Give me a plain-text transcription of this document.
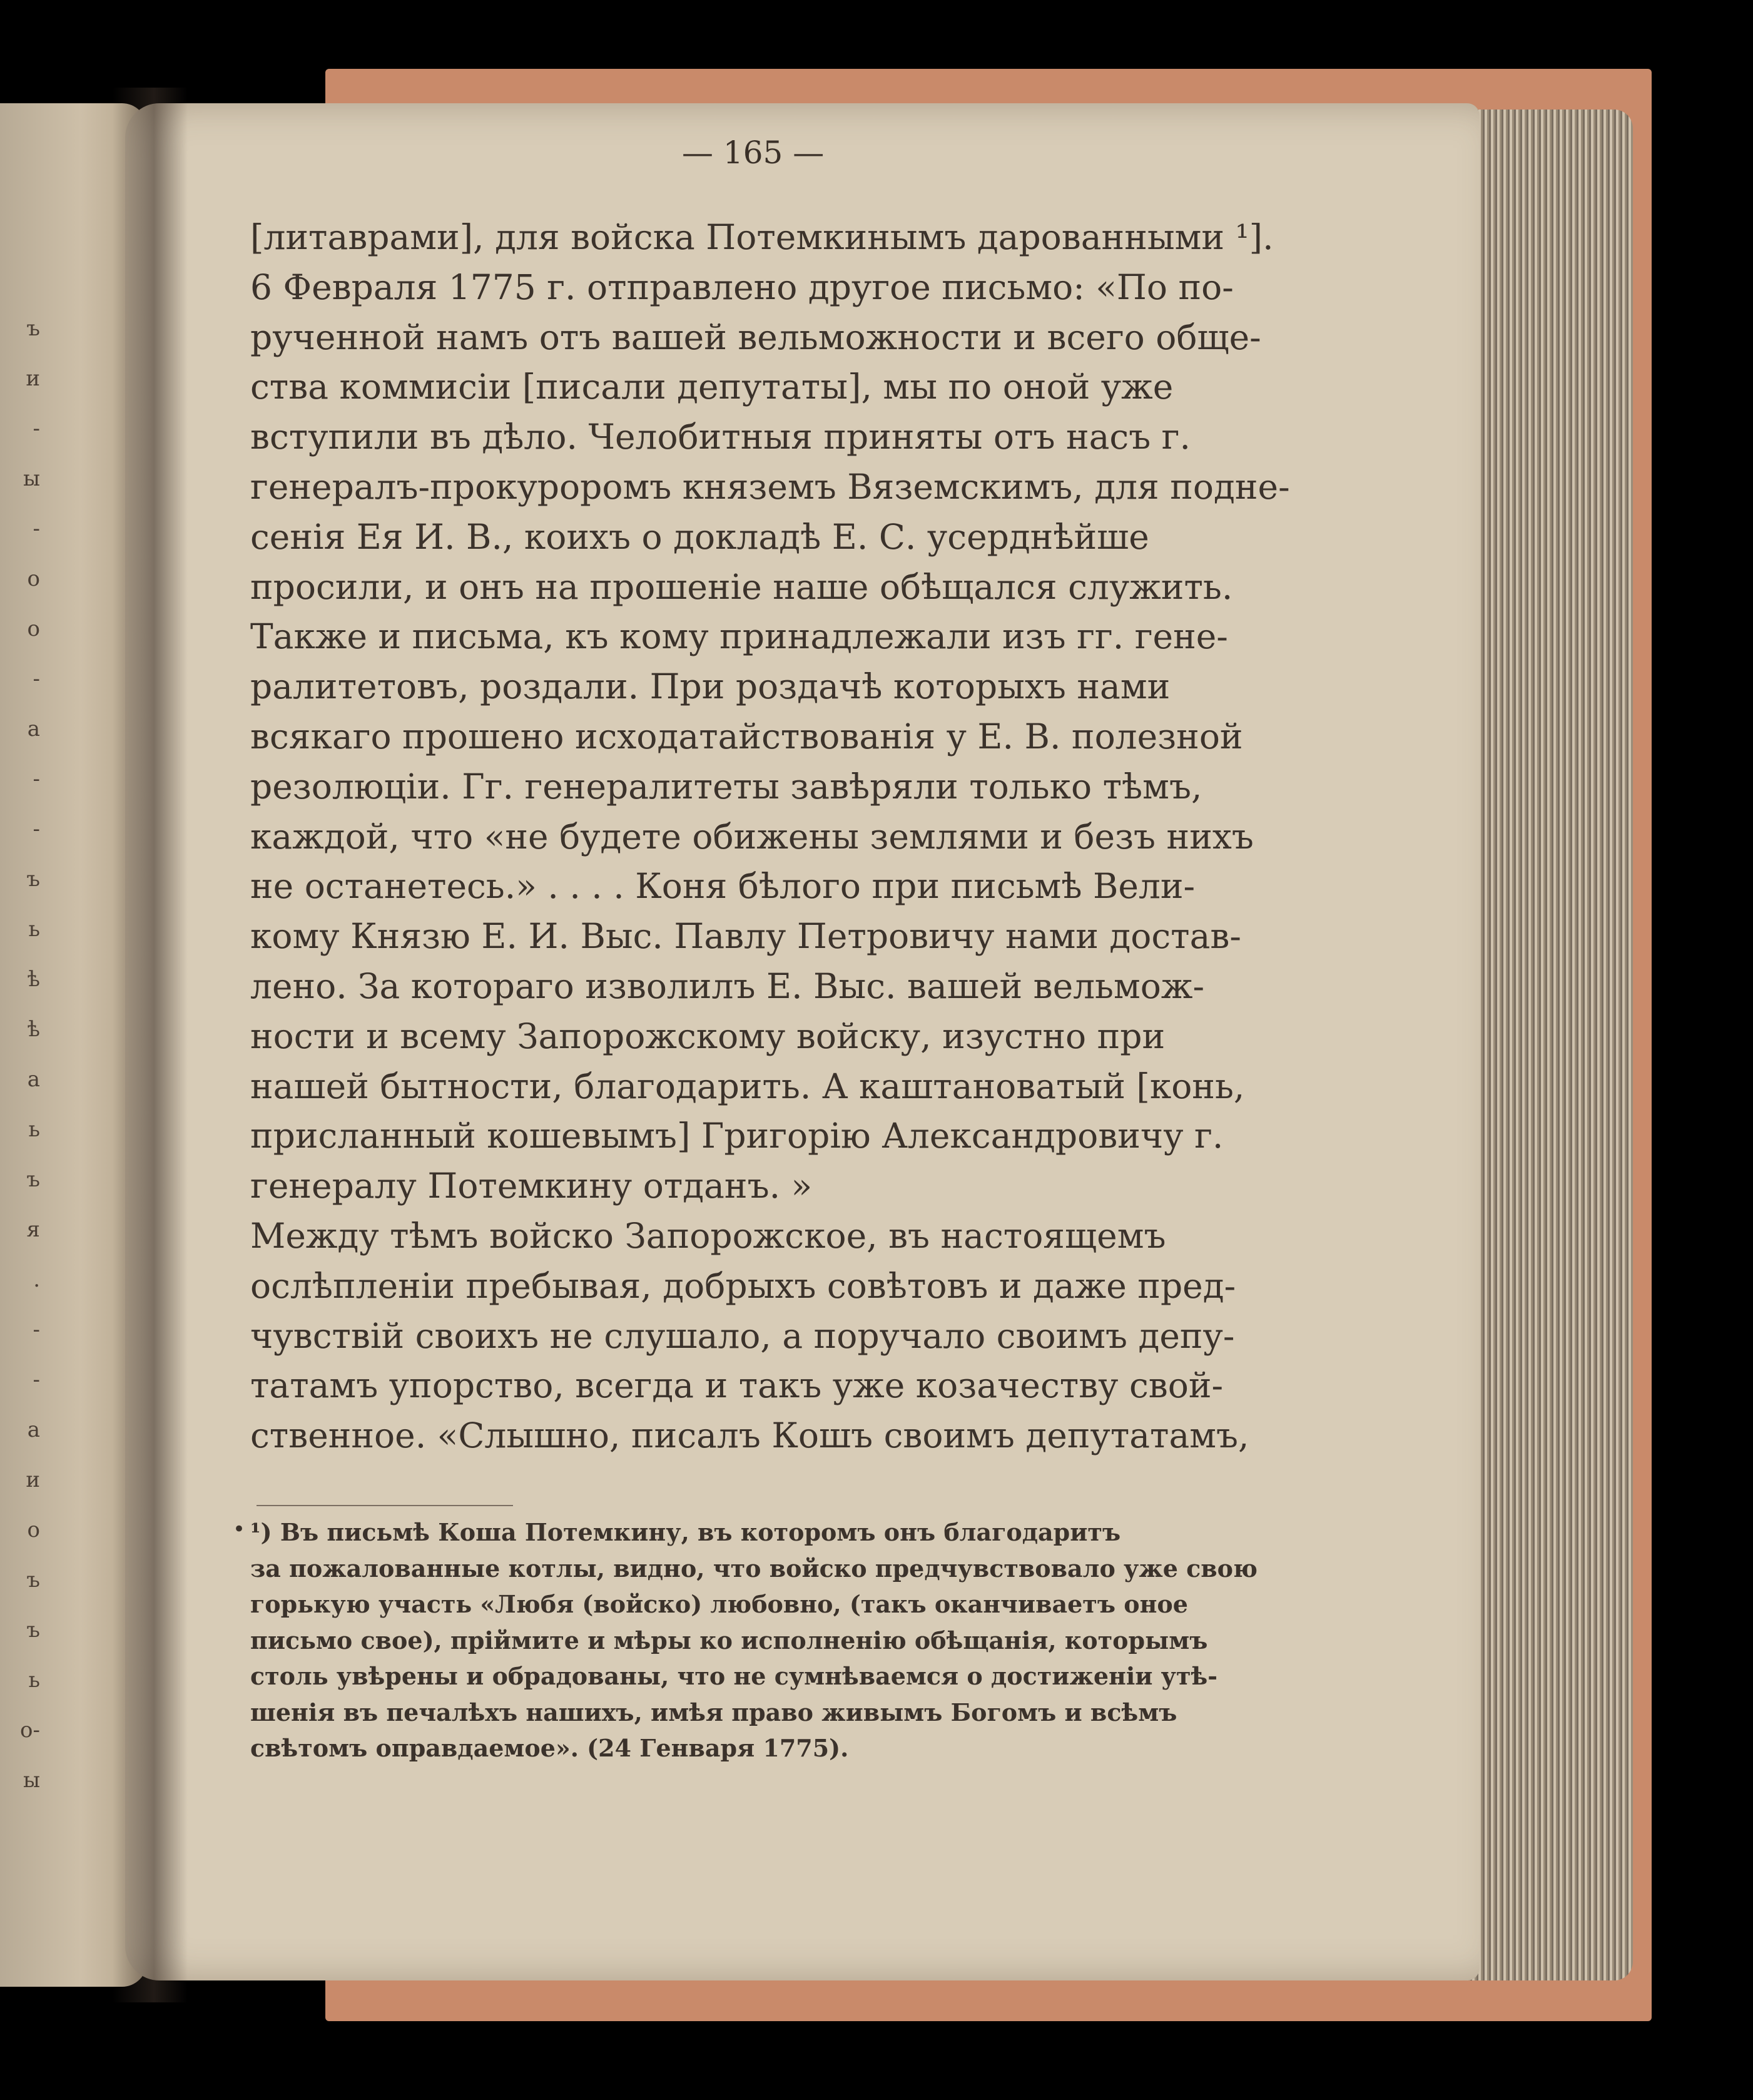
ъ
и
-
ы
-
о
о
-
а
-
-
ъ
ь
ѣ
ѣ
а
ь
ъ
я
.
-
-
а
и
о
ъ
ъ
ь
о-
ы
— 165 —
[литаврами], для войска Потемкинымъ дарованными ¹].
6 Февраля 1775 г. отправлено другое письмо: «По по-
рученной намъ отъ вашей вельможности и всего обще-
ства коммисіи [писали депутаты], мы по оной уже
вступили въ дѣло. Челобитныя приняты отъ насъ г.
генералъ-прокуроромъ княземъ Вяземскимъ, для подне-
сенія Ея И. В., коихъ о докладѣ Е. С. усерднѣйше
просили, и онъ на прошеніе наше обѣщался служить.
Также и письма, къ кому принадлежали изъ гг. гене-
ралитетовъ, роздали. При роздачѣ которыхъ нами
всякаго прошено исходатайствованія у Е. В. полезной
резолюціи. Гг. генералитеты завѣряли только тѣмъ,
каждой, что «не будете обижены землями и безъ нихъ
не останетесь.» . . . . Коня бѣлого при письмѣ Вели-
кому Князю Е. И. Выс. Павлу Петровичу нами достав-
лено. За котораго изволилъ Е. Выс. вашей вельмож-
ности и всему Запорожскому войску, изустно при
нашей бытности, благодарить. А каштановатый [конь,
присланный кошевымъ] Григорію Александровичу г.
генералу Потемкину отданъ. »
Между тѣмъ войско Запорожское, въ настоящемъ
ослѣпленіи пребывая, добрыхъ совѣтовъ и даже пред-
чувствій своихъ не слушало, а поручало своимъ депу-
татамъ упорство, всегда и такъ уже козачеству свой-
ственное. «Слышно, писалъ Кошъ своимъ депутатамъ,
• ¹) Въ письмѣ Коша Потемкину, въ которомъ онъ благодаритъ
за пожалованные котлы, видно, что войско предчувствовало уже свою
горькую участь «Любя (войско) любовно, (такъ оканчиваетъ оное
письмо свое), пріймите и мѣры ко исполненію обѣщанія, которымъ
столь увѣрены и обрадованы, что не сумнѣваемся о достиженіи утѣ-
шенія въ печалѣхъ нашихъ, имѣя право живымъ Богомъ и всѣмъ
свѣтомъ оправдаемое». (24 Генваря 1775).
